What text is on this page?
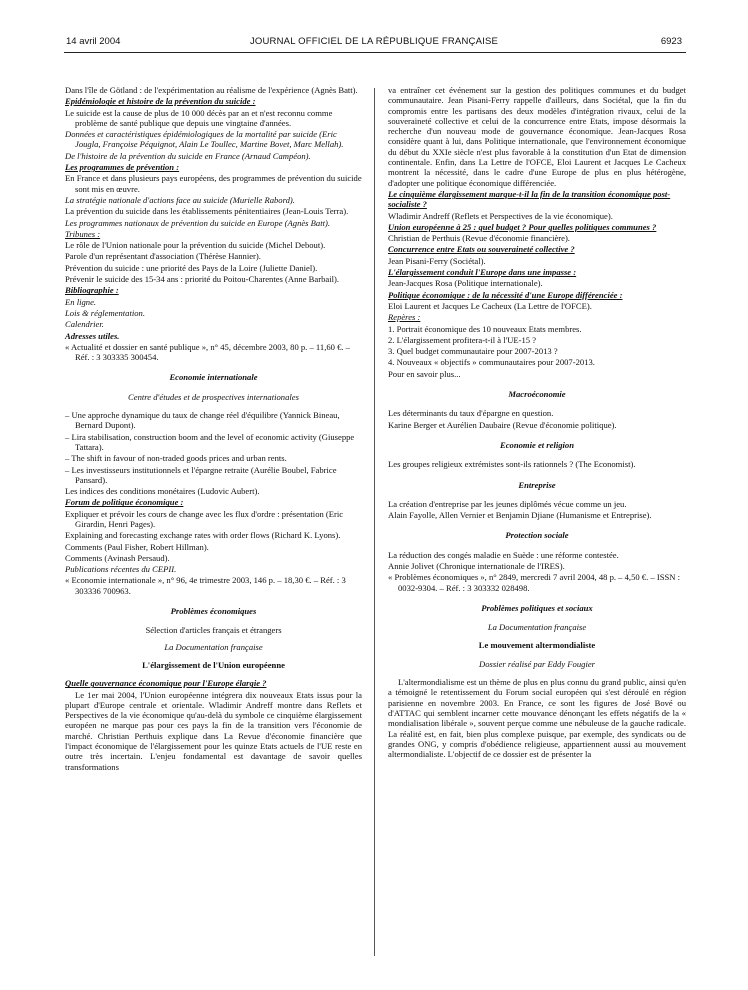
14 avril 2004	JOURNAL OFFICIEL DE LA RÉPUBLIQUE FRANÇAISE	6923

Dans l'île de Götland : de l'expérimentation au réalisme de l'expérience (Agnès Batt).

Epidémiologie et histoire de la prévention du suicide :

Le suicide est la cause de plus de 10 000 décès par an et n'est reconnu comme problème de santé publique que depuis une vingtaine d'années.

Données et caractéristiques épidémiologiques de la mortalité par suicide (Eric Jougla, Françoise Péquignot, Alain Le Toullec, Martine Bovet, Marc Mellah).

De l'histoire de la prévention du suicide en France (Arnaud Campéon).

Les programmes de prévention :

En France et dans plusieurs pays européens, des programmes de prévention du suicide sont mis en œuvre.

La stratégie nationale d'actions face au suicide (Murielle Rabord).

La prévention du suicide dans les établissements pénitentiaires (Jean-Louis Terra).

Les programmes nationaux de prévention du suicide en Europe (Agnès Batt).

Tribunes :

Le rôle de l'Union nationale pour la prévention du suicide (Michel Debout).

Parole d'un représentant d'association (Thérèse Hannier).

Prévention du suicide : une priorité des Pays de la Loire (Juliette Daniel).

Prévenir le suicide des 15-34 ans : priorité du Poitou-Charentes (Anne Barbail).

Bibliographie :

En ligne.

Lois & réglementation.

Calendrier.

Adresses utiles.

« Actualité et dossier en santé publique », n° 45, décembre 2003, 80 p. – 11,60 €. – Réf. : 3 303335 300454.

Economie internationale

Centre d'études et de prospectives internationales

– Une approche dynamique du taux de change réel d'équilibre (Yannick Bineau, Bernard Dupont).

– Lira stabilisation, construction boom and the level of economic activity (Giuseppe Tattara).

– The shift in favour of non-traded goods prices and urban rents.

– Les investisseurs institutionnels et l'épargne retraite (Aurélie Boubel, Fabrice Pansard).

Les indices des conditions monétaires (Ludovic Aubert).

Forum de politique économique :

Expliquer et prévoir les cours de change avec les flux d'ordre : présentation (Eric Girardin, Henri Pages).

Explaining and forecasting exchange rates with order flows (Richard K. Lyons).

Comments (Paul Fisher, Robert Hillman).

Comments (Avinash Persaud).

Publications récentes du CEPII.

« Economie internationale », n° 96, 4e trimestre 2003, 146 p. – 18,30 €. – Réf. : 3 303336 700963.

Problèmes économiques

Sélection d'articles français et étrangers

La Documentation française

L'élargissement de l'Union européenne

Quelle gouvernance économique pour l'Europe élargie ?

Le 1er mai 2004, l'Union européenne intégrera dix nouveaux Etats issus pour la plupart d'Europe centrale et orientale. Wladimir Andreff montre dans Reflets et Perspectives de la vie économique qu'au-delà du symbole ce cinquième élargissement européen ne marque pas pour ces pays la fin de la transition vers l'économie de marché. Christian Perthuis explique dans La Revue d'économie financière que l'impact économique de l'élargissement pour les quinze Etats actuels de l'UE reste en outre très incertain. L'enjeu fondamental est davantage de savoir quelles transformations

va entraîner cet événement sur la gestion des politiques communes et du budget communautaire. Jean Pisani-Ferry rappelle d'ailleurs, dans Sociétal, que la fin du compromis entre les partisans des deux modèles d'intégration rivaux, celui de la souveraineté collective et celui de la concurrence entre Etats, impose désormais la recherche d'un nouveau mode de gouvernance économique. Jean-Jacques Rosa considère quant à lui, dans Politique internationale, que l'environnement économique du début du XXIe siècle n'est plus favorable à la constitution d'un Etat de dimension continentale. Enfin, dans La Lettre de l'OFCE, Eloi Laurent et Jacques Le Cacheux montrent la nécessité, dans le cadre d'une Europe de plus en plus hétérogène, d'adopter une politique économique différenciée.

Le cinquième élargissement marque-t-il la fin de la transition économique post-socialiste ?

Wladimir Andreff (Reflets et Perspectives de la vie économique).

Union européenne à 25 : quel budget ? Pour quelles politiques communes ?

Christian de Perthuis (Revue d'économie financière).

Concurrence entre Etats ou souveraineté collective ?

Jean Pisani-Ferry (Sociétal).

L'élargissement conduit l'Europe dans une impasse :

Jean-Jacques Rosa (Politique internationale).

Politique économique : de la nécessité d'une Europe différenciée :

Eloi Laurent et Jacques Le Cacheux (La Lettre de l'OFCE).

Repères :

1. Portrait économique des 10 nouveaux Etats membres.

2. L'élargissement profitera-t-il à l'UE-15 ?

3. Quel budget communautaire pour 2007-2013 ?

4. Nouveaux « objectifs » communautaires pour 2007-2013.

Pour en savoir plus...

Macroéconomie

Les déterminants du taux d'épargne en question.

Karine Berger et Aurélien Daubaire (Revue d'économie politique).

Economie et religion

Les groupes religieux extrémistes sont-ils rationnels ? (The Economist).

Entreprise

La création d'entreprise par les jeunes diplômés vécue comme un jeu.

Alain Fayolle, Allen Vernier et Benjamin Djiane (Humanisme et Entreprise).

Protection sociale

La réduction des congés maladie en Suède : une réforme contestée.

Annie Jolivet (Chronique internationale de l'IRES).

« Problèmes économiques », n° 2849, mercredi 7 avril 2004, 48 p. – 4,50 €. – ISSN : 0032-9304. – Réf. : 3 303332 028498.

Problèmes politiques et sociaux

La Documentation française

Le mouvement altermondialiste

Dossier réalisé par Eddy Fougier

L'altermondialisme est un thème de plus en plus connu du grand public, ainsi qu'en a témoigné le retentissement du Forum social européen qui s'est déroulé en région parisienne en novembre 2003. En France, ce sont les figures de José Bové ou d'ATTAC qui semblent incarner cette mouvance dénonçant les effets négatifs de la « mondialisation libérale », souvent perçue comme une nébuleuse de la gauche radicale. La réalité est, en fait, bien plus complexe puisque, par exemple, des syndicats ou de grandes ONG, y compris d'obédience religieuse, appartiennent aussi au mouvement altermondialiste. L'objectif de ce dossier est de présenter la
